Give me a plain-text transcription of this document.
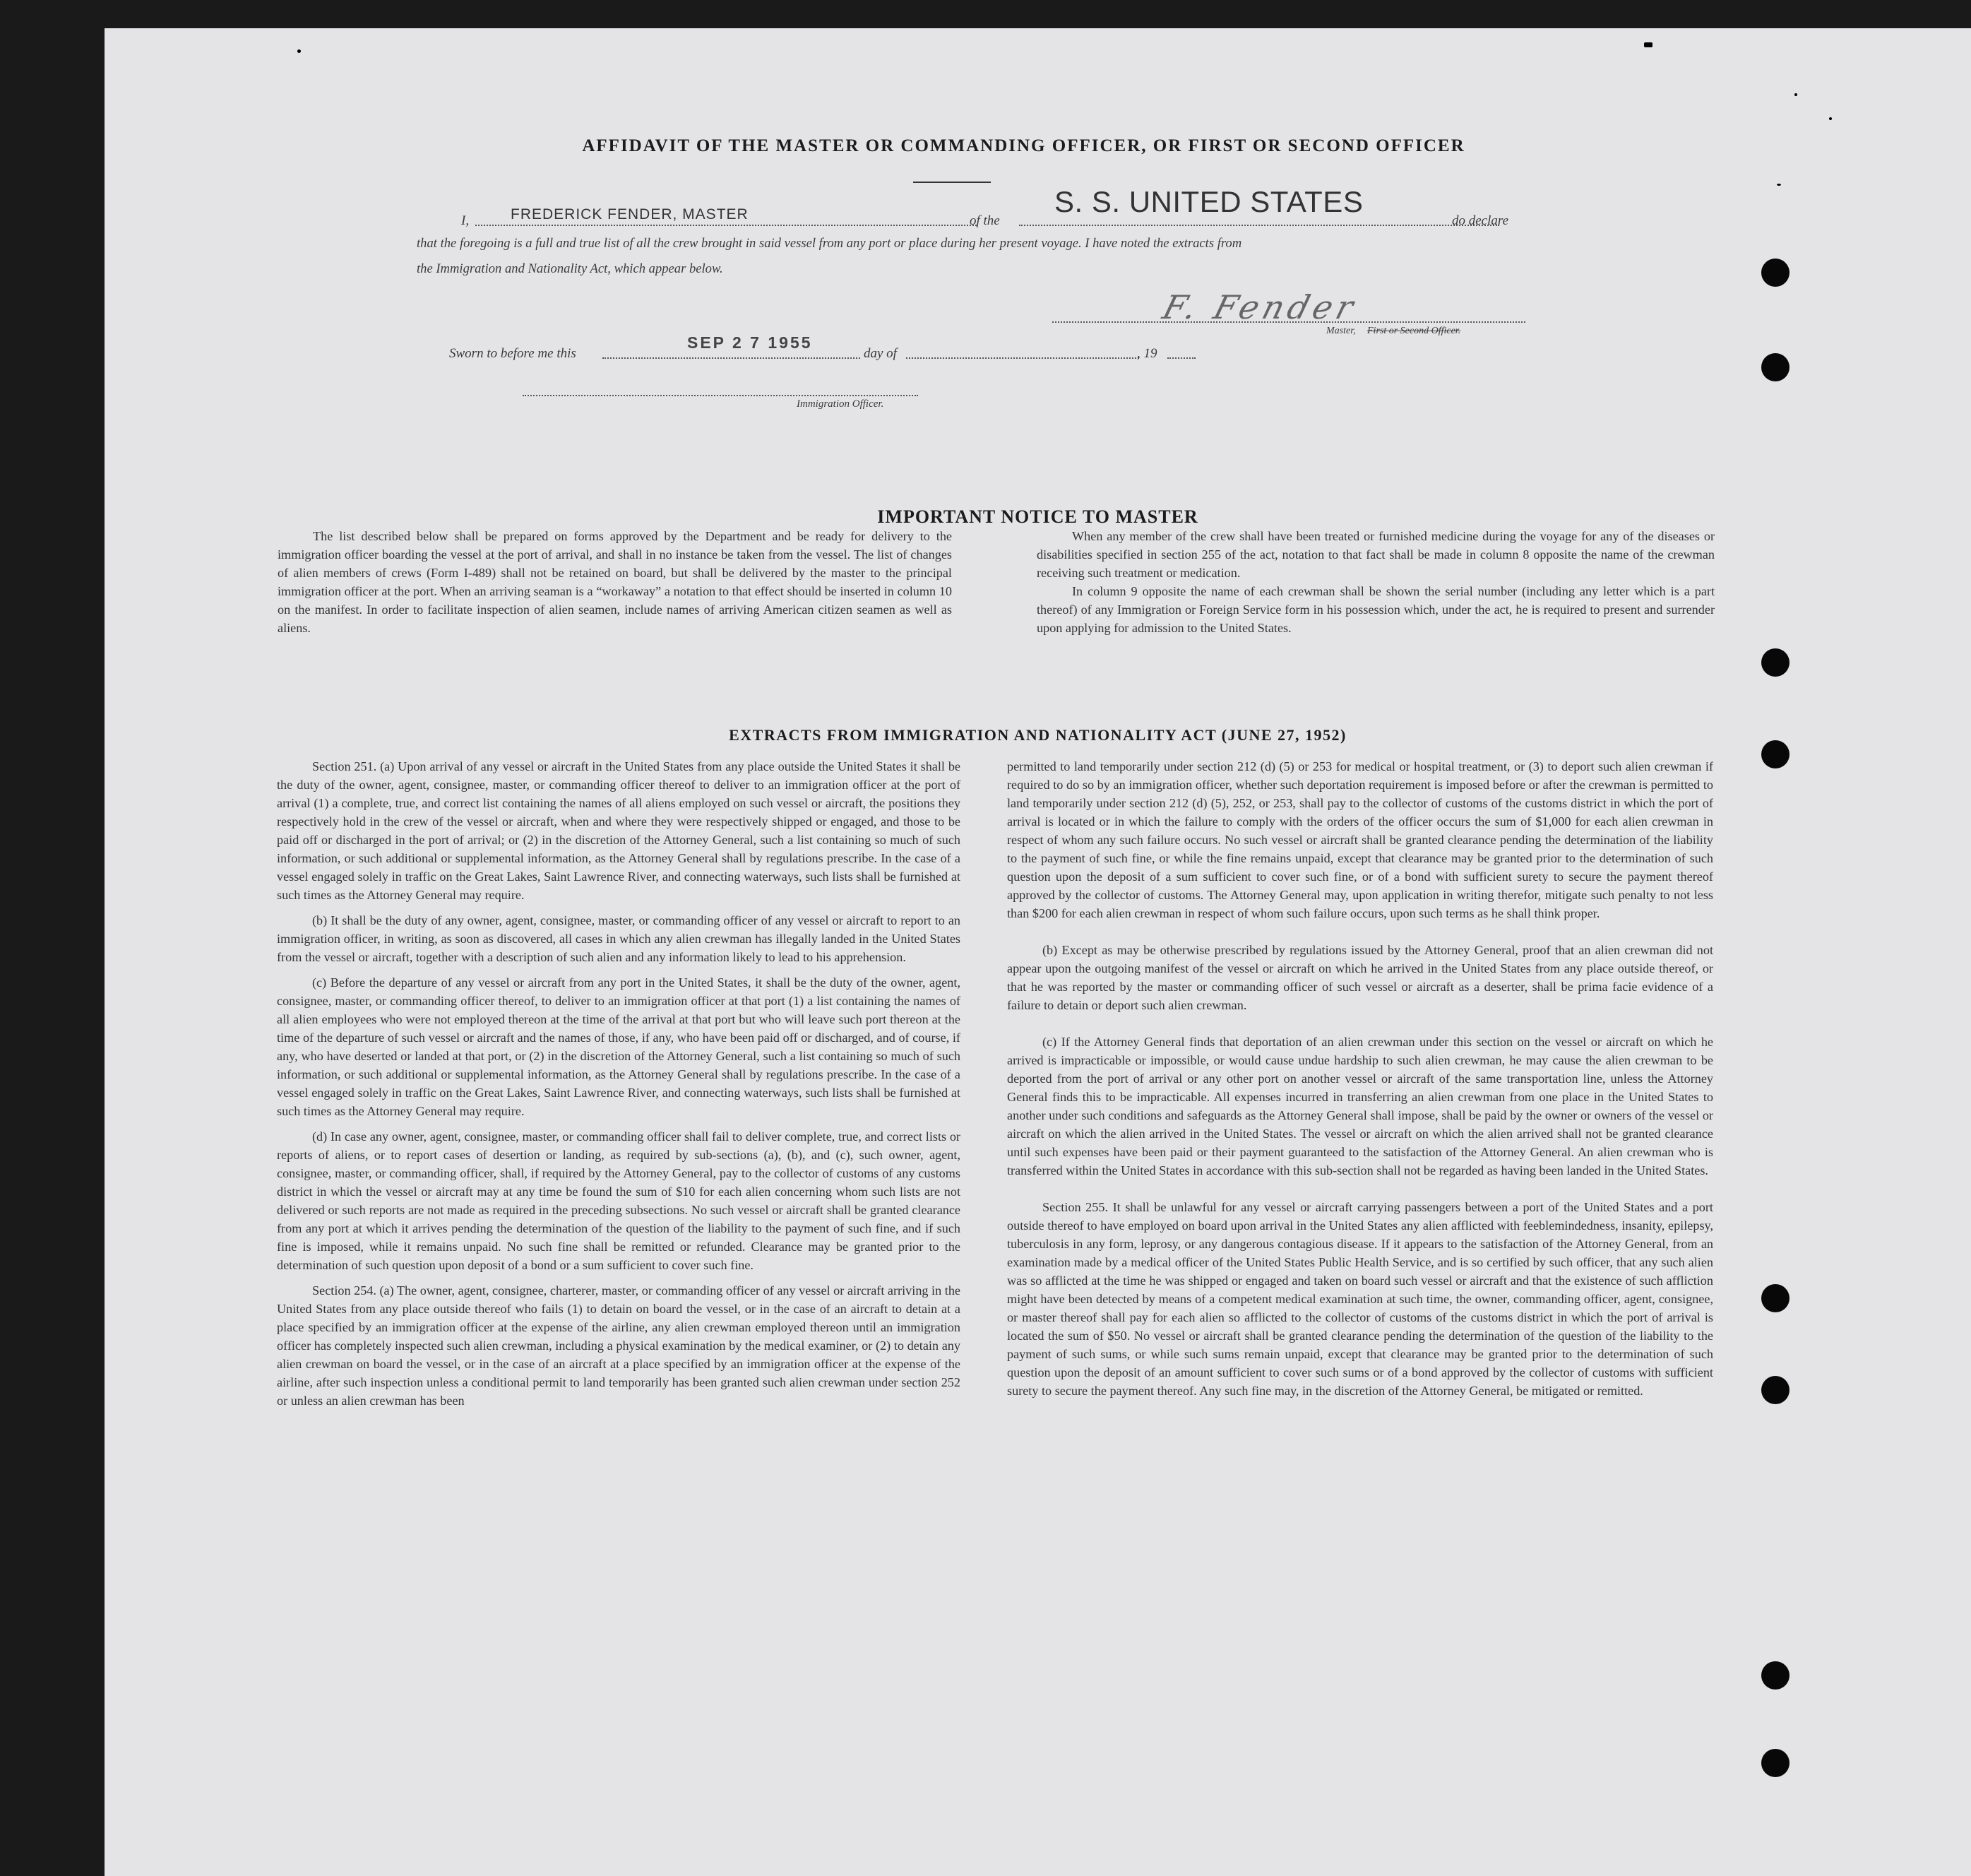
AFFIDAVIT OF THE MASTER OR COMMANDING OFFICER, OR FIRST OR SECOND OFFICER
I,	FREDERICK FENDER, MASTER	of the
S. S. UNITED STATES
do declare
that the foregoing is a full and true list of all the crew brought in said vessel from any port or place during her present voyage. I have noted the extracts from
the Immigration and Nationality Act, which appear below.
F. Fender
Master, First or Second Officer.
Sworn to before me this
SEP 2 7 1955
day of	, 19
Immigration Officer.
IMPORTANT NOTICE TO MASTER

The list described below shall be prepared on forms approved by the Department and be ready for delivery to the immigration officer boarding the vessel at the port of arrival, and shall in no instance be taken from the vessel. The list of changes of alien members of crews (Form I-489) shall not be retained on board, but shall be delivered by the master to the principal immigration officer at the port. When an arriving seaman is a “workaway” a notation to that effect should be inserted in column 10 on the manifest. In order to facilitate inspection of alien seamen, include names of arriving American citizen seamen as well as aliens.

When any member of the crew shall have been treated or furnished medicine during the voyage for any of the diseases or disabilities specified in section 255 of the act, notation to that fact shall be made in column 8 opposite the name of the crewman receiving such treatment or medication.

In column 9 opposite the name of each crewman shall be shown the serial number (including any letter which is a part thereof) of any Immigration or Foreign Service form in his possession which, under the act, he is required to present and surrender upon applying for admission to the United States.

EXTRACTS FROM IMMIGRATION AND NATIONALITY ACT (JUNE 27, 1952)

Section 251. (a) Upon arrival of any vessel or aircraft in the United States from any place outside the United States it shall be the duty of the owner, agent, consignee, master, or commanding officer thereof to deliver to an immigration officer at the port of arrival (1) a complete, true, and correct list containing the names of all aliens employed on such vessel or aircraft, the positions they respectively hold in the crew of the vessel or aircraft, when and where they were respectively shipped or engaged, and those to be paid off or discharged in the port of arrival; or (2) in the discretion of the Attorney General, such a list containing so much of such information, or such additional or supplemental information, as the Attorney General shall by regulations prescribe. In the case of a vessel engaged solely in traffic on the Great Lakes, Saint Lawrence River, and connecting waterways, such lists shall be furnished at such times as the Attorney General may require.

(b) It shall be the duty of any owner, agent, consignee, master, or commanding officer of any vessel or aircraft to report to an immigration officer, in writing, as soon as discovered, all cases in which any alien crewman has illegally landed in the United States from the vessel or aircraft, together with a description of such alien and any information likely to lead to his apprehension.

(c) Before the departure of any vessel or aircraft from any port in the United States, it shall be the duty of the owner, agent, consignee, master, or commanding officer thereof, to deliver to an immigration officer at that port (1) a list containing the names of all alien employees who were not employed thereon at the time of the arrival at that port but who will leave such port thereon at the time of the departure of such vessel or aircraft and the names of those, if any, who have been paid off or discharged, and of course, if any, who have deserted or landed at that port, or (2) in the discretion of the Attorney General, such a list containing so much of such information, or such additional or supplemental information, as the Attorney General shall by regulations prescribe. In the case of a vessel engaged solely in traffic on the Great Lakes, Saint Lawrence River, and connecting waterways, such lists shall be furnished at such times as the Attorney General may require.

(d) In case any owner, agent, consignee, master, or commanding officer shall fail to deliver complete, true, and correct lists or reports of aliens, or to report cases of desertion or landing, as required by sub-sections (a), (b), and (c), such owner, agent, consignee, master, or commanding officer, shall, if required by the Attorney General, pay to the collector of customs of any customs district in which the vessel or aircraft may at any time be found the sum of $10 for each alien concerning whom such lists are not delivered or such reports are not made as required in the preceding subsections. No such vessel or aircraft shall be granted clearance from any port at which it arrives pending the determination of the question of the liability to the payment of such fine, and if such fine is imposed, while it remains unpaid. No such fine shall be remitted or refunded. Clearance may be granted prior to the determination of such question upon deposit of a bond or a sum sufficient to cover such fine.

Section 254. (a) The owner, agent, consignee, charterer, master, or commanding officer of any vessel or aircraft arriving in the United States from any place outside thereof who fails (1) to detain on board the vessel, or in the case of an aircraft to detain at a place specified by an immigration officer at the expense of the airline, any alien crewman employed thereon until an immigration officer has completely inspected such alien crewman, including a physical examination by the medical examiner, or (2) to detain any alien crewman on board the vessel, or in the case of an aircraft at a place specified by an immigration officer at the expense of the airline, after such inspection unless a conditional permit to land temporarily has been granted such alien crewman under section 252 or unless an alien crewman has been

permitted to land temporarily under section 212 (d) (5) or 253 for medical or hospital treatment, or (3) to deport such alien crewman if required to do so by an immigration officer, whether such deportation requirement is imposed before or after the crewman is permitted to land temporarily under section 212 (d) (5), 252, or 253, shall pay to the collector of customs of the customs district in which the port of arrival is located or in which the failure to comply with the orders of the officer occurs the sum of $1,000 for each alien crewman in respect of whom any such failure occurs. No such vessel or aircraft shall be granted clearance pending the determination of the liability to the payment of such fine, or while the fine remains unpaid, except that clearance may be granted prior to the determination of such question upon the deposit of a sum sufficient to cover such fine, or of a bond with sufficient surety to secure the payment thereof approved by the collector of customs. The Attorney General may, upon application in writing therefor, mitigate such penalty to not less than $200 for each alien crewman in respect of whom such failure occurs, upon such terms as he shall think proper.

(b) Except as may be otherwise prescribed by regulations issued by the Attorney General, proof that an alien crewman did not appear upon the outgoing manifest of the vessel or aircraft on which he arrived in the United States from any place outside thereof, or that he was reported by the master or commanding officer of such vessel or aircraft as a deserter, shall be prima facie evidence of a failure to detain or deport such alien crewman.

(c) If the Attorney General finds that deportation of an alien crewman under this section on the vessel or aircraft on which he arrived is impracticable or impossible, or would cause undue hardship to such alien crewman, he may cause the alien crewman to be deported from the port of arrival or any other port on another vessel or aircraft of the same transportation line, unless the Attorney General finds this to be impracticable. All expenses incurred in transferring an alien crewman from one place in the United States to another under such conditions and safeguards as the Attorney General shall impose, shall be paid by the owner or owners of the vessel or aircraft on which the alien arrived in the United States. The vessel or aircraft on which the alien arrived shall not be granted clearance until such expenses have been paid or their payment guaranteed to the satisfaction of the Attorney General. An alien crewman who is transferred within the United States in accordance with this sub-section shall not be regarded as having been landed in the United States.

Section 255. It shall be unlawful for any vessel or aircraft carrying passengers between a port of the United States and a port outside thereof to have employed on board upon arrival in the United States any alien afflicted with feeblemindedness, insanity, epilepsy, tuberculosis in any form, leprosy, or any dangerous contagious disease. If it appears to the satisfaction of the Attorney General, from an examination made by a medical officer of the United States Public Health Service, and is so certified by such officer, that any such alien was so afflicted at the time he was shipped or engaged and taken on board such vessel or aircraft and that the existence of such affliction might have been detected by means of a competent medical examination at such time, the owner, commanding officer, agent, consignee, or master thereof shall pay for each alien so afflicted to the collector of customs of the customs district in which the port of arrival is located the sum of $50. No vessel or aircraft shall be granted clearance pending the determination of the question of the liability to the payment of such sums, or while such sums remain unpaid, except that clearance may be granted prior to the determination of such question upon the deposit of an amount sufficient to cover such sums or of a bond approved by the collector of customs with sufficient surety to secure the payment thereof. Any such fine may, in the discretion of the Attorney General, be mitigated or remitted.
